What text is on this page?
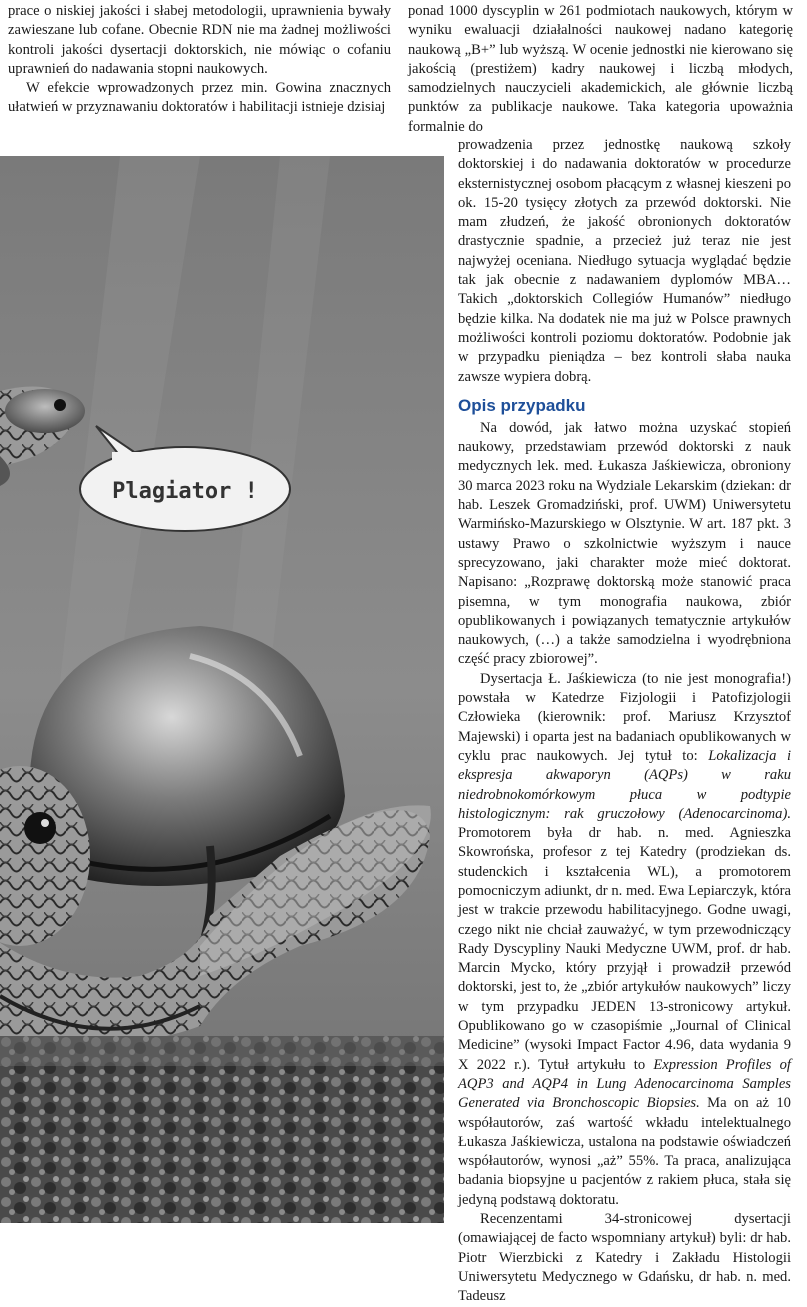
prace o niskiej jakości i słabej metodologii, uprawnienia bywały zawieszane lub cofane. Obecnie RDN nie ma żadnej możliwości kontroli jakości dysertacji doktorskich, nie mówiąc o cofaniu uprawnień do nadawania stopni naukowych.

W efekcie wprowadzonych przez min. Gowina znacznych ułatwień w przyznawaniu doktoratów i habilitacji istnieje dzisiaj

ponad 1000 dyscyplin w 261 podmiotach naukowych, którym w wyniku ewaluacji działalności naukowej nadano kategorię naukową „B+” lub wyższą. W ocenie jednostki nie kierowano się jakością (prestiżem) kadry naukowej i liczbą młodych, samodzielnych nauczycieli akademickich, ale głównie liczbą punktów za publikacje naukowe. Taka kategoria upoważnia formalnie do

Plagiator !

prowadzenia przez jednostkę naukową szkoły doktorskiej i do nadawania doktoratów w procedurze eksternistycznej osobom płacącym z własnej kieszeni po ok. 15-20 tysięcy złotych za przewód doktorski. Nie mam złudzeń, że jakość obronionych doktoratów drastycznie spadnie, a przecież już teraz nie jest najwyżej oceniana. Niedługo sytuacja wyglądać będzie tak jak obecnie z nadawaniem dyplomów MBA… Takich „doktorskich Collegiów Humanów” niedługo będzie kilka. Na dodatek nie ma już w Polsce prawnych możliwości kontroli poziomu doktoratów. Podobnie jak w przypadku pieniądza – bez kontroli słaba nauka zawsze wypiera dobrą.

Opis przypadku

Na dowód, jak łatwo można uzyskać stopień naukowy, przedstawiam przewód doktorski z nauk medycznych lek. med. Łukasza Jaśkiewicza, obroniony 30 marca 2023 roku na Wydziale Lekarskim (dziekan: dr hab. Leszek Gromadziński, prof. UWM) Uniwersytetu Warmińsko-Mazurskiego w Olsztynie. W art. 187 pkt. 3 ustawy Prawo o szkolnictwie wyższym i nauce sprecyzowano, jaki charakter może mieć doktorat. Napisano: „Rozprawę doktorską może stanowić praca pisemna, w tym monografia naukowa, zbiór opublikowanych i powiązanych tematycznie artykułów naukowych, (…) a także samodzielna i wyodrębniona część pracy zbiorowej”.

Dysertacja Ł. Jaśkiewicza (to nie jest monografia!) powstała w Katedrze Fizjologii i Patofizjologii Człowieka (kierownik: prof. Mariusz Krzysztof Majewski) i oparta jest na badaniach opublikowanych w cyklu prac naukowych. Jej tytuł to: Lokalizacja i ekspresja akwaporyn (AQPs) w raku niedrobnokomórkowym płuca w podtypie histologicznym: rak gruczołowy (Adenocarcinoma). Promotorem była dr hab. n. med. Agnieszka Skowrońska, profesor z tej Katedry (prodziekan ds. studenckich i kształcenia WL), a promotorem pomocniczym adiunkt, dr n. med. Ewa Lepiarczyk, która jest w trakcie przewodu habilitacyjnego. Godne uwagi, czego nikt nie chciał zauważyć, w tym przewodniczący Rady Dyscypliny Nauki Medyczne UWM, prof. dr hab. Marcin Mycko, który przyjął i prowadził przewód doktorski, jest to, że „zbiór artykułów naukowych” liczy w tym przypadku JEDEN 13-stronicowy artykuł. Opublikowano go w czasopiśmie „Journal of Clinical Medicine” (wysoki Impact Factor 4.96, data wydania 9 X 2022 r.). Tytuł artykułu to Expression Profiles of AQP3 and AQP4 in Lung Adenocarcinoma Samples Generated via Bronchoscopic Biopsies. Ma on aż 10 współautorów, zaś wartość wkładu intelektualnego Łukasza Jaśkiewicza, ustalona na podstawie oświadczeń współautorów, wynosi „aż” 55%. Ta praca, analizująca badania biopsyjne u pacjentów z rakiem płuca, stała się jedyną podstawą doktoratu.

Recenzentami 34-stronicowej dysertacji (omawiającej de facto wspomniany artykuł) byli: dr hab. Piotr Wierzbicki z Katedry i Zakładu Histologii Uniwersytetu Medycznego w Gdańsku, dr hab. n. med. Tadeusz
